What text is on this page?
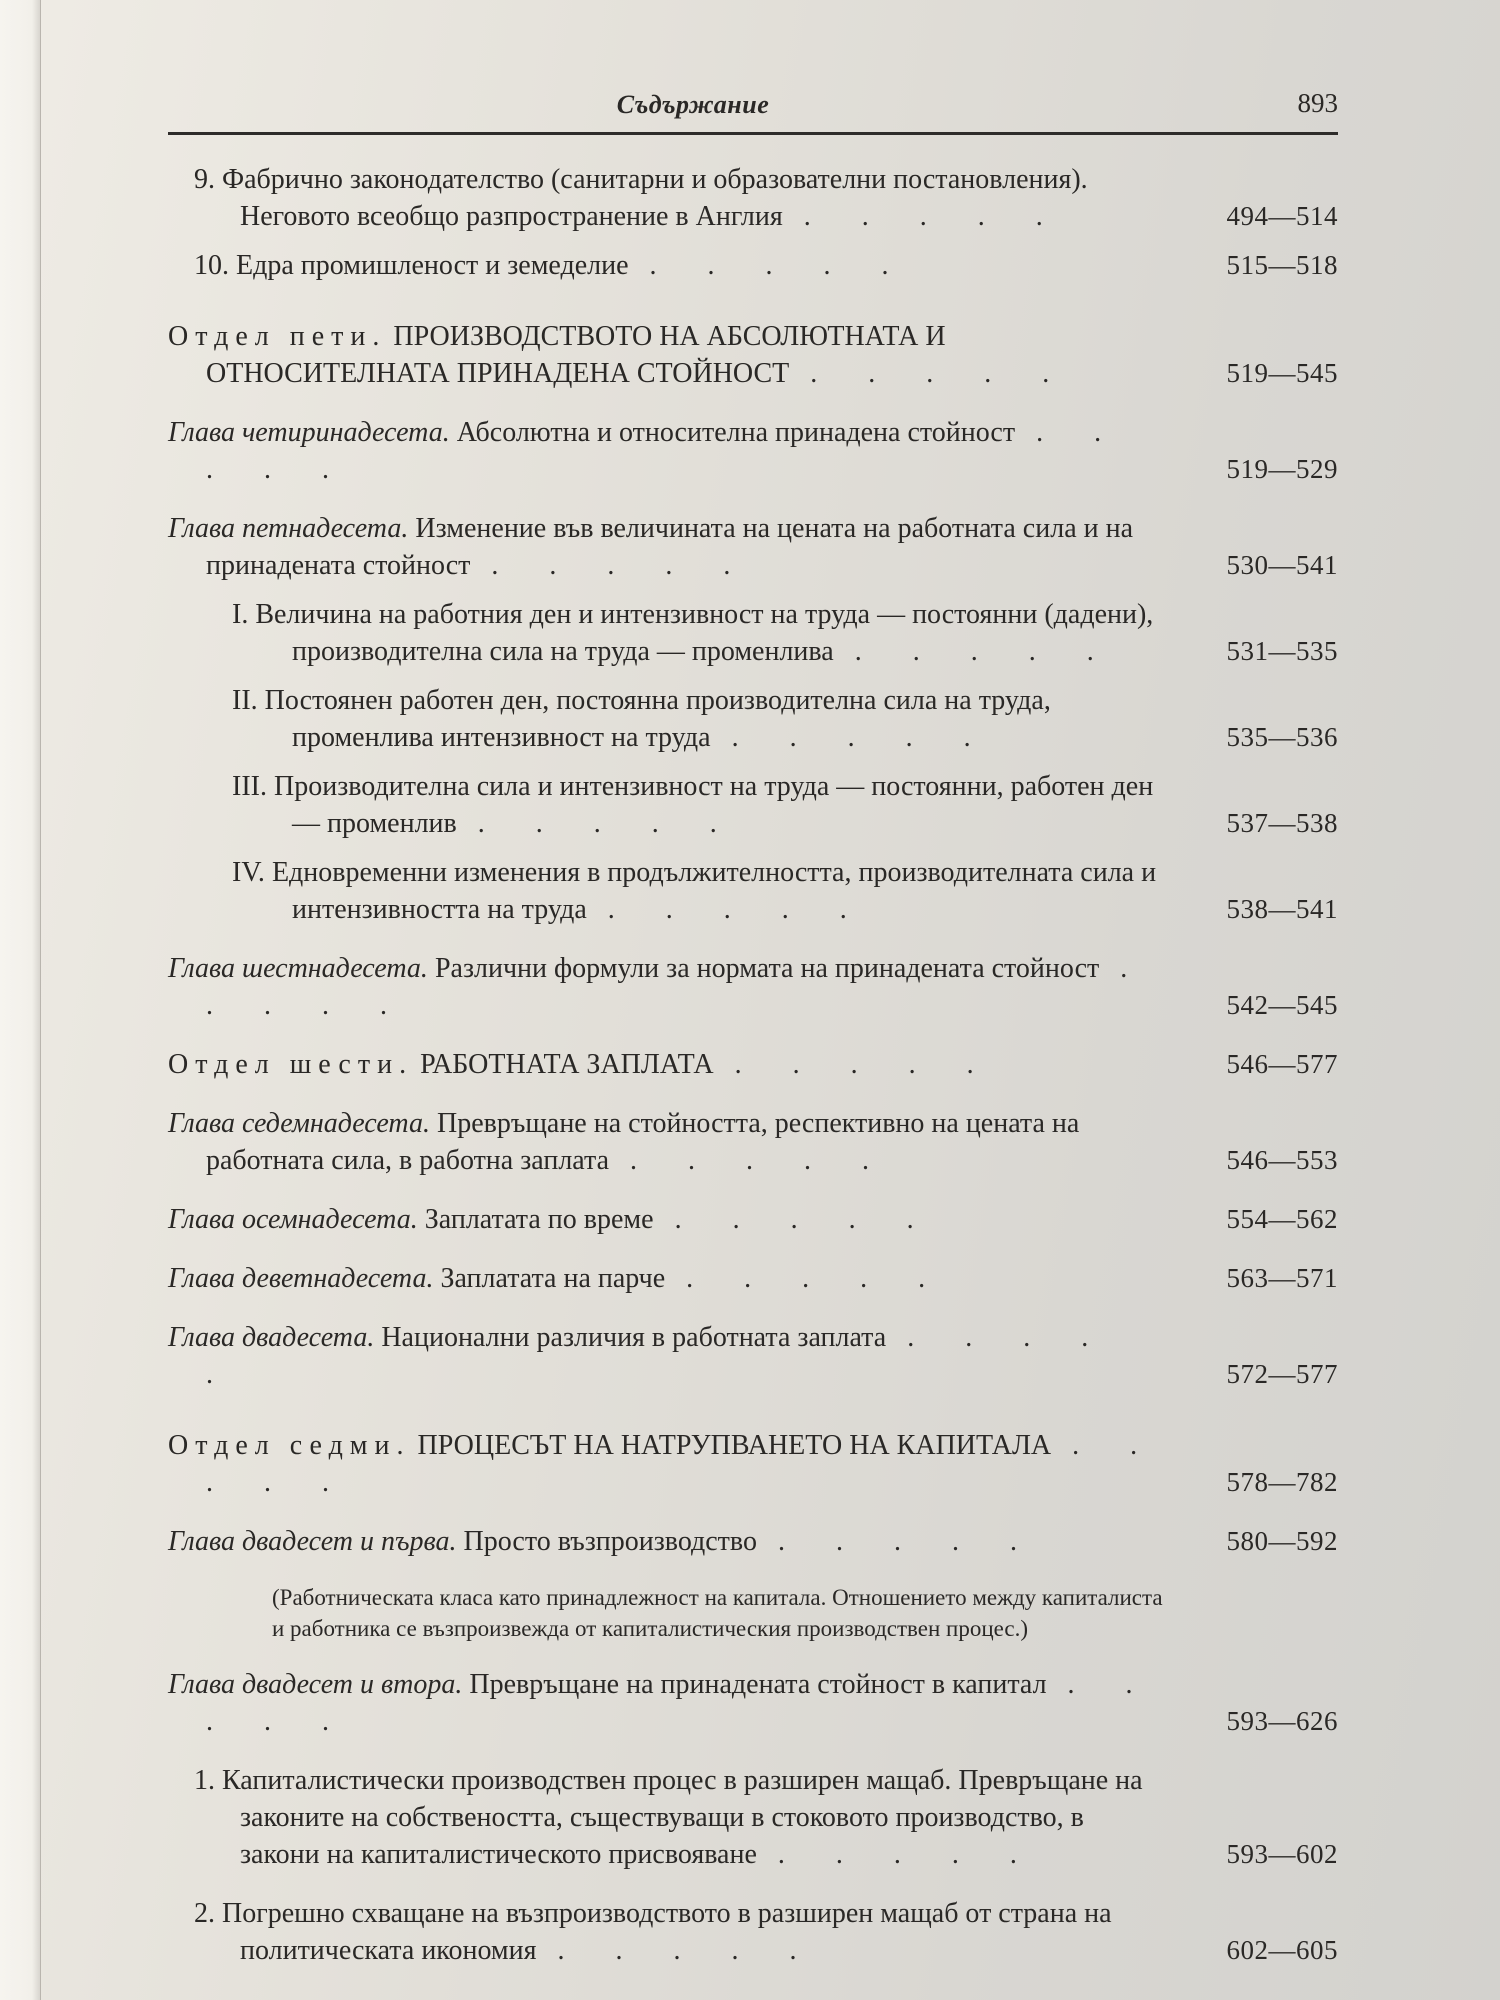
Съдържание	893
9. Фабрично законодателство (санитарни и образователни постановления). Неговото всеобщо разпространение в Англия . . . . .	494—514
10. Едра промишленост и земеделие . . . . .	515—518
Отдел пети. ПРОИЗВОДСТВОТО НА АБСОЛЮТНАТА И ОТНОСИТЕЛНАТА ПРИНАДЕНА СТОЙНОСТ . . . . .	519—545
Глава четиринадесета. Абсолютна и относителна принадена стойност . . . . .	519—529
Глава петнадесета. Изменение във величината на цената на работната сила и на принадената стойност . . . . .	530—541
I. Величина на работния ден и интензивност на труда — постоянни (дадени), производителна сила на труда — променлива . . . . .	531—535
II. Постоянен работен ден, постоянна производителна сила на труда, променлива интензивност на труда . . . . .	535—536
III. Производителна сила и интензивност на труда — постоянни, работен ден — променлив . . . . .	537—538
IV. Едновременни изменения в продължителността, производителната сила и интензивността на труда . . . . .	538—541
Глава шестнадесета. Различни формули за нормата на принадената стойност . . . . .	542—545
Отдел шести. РАБОТНАТА ЗАПЛАТА . . . . .	546—577
Глава седемнадесета. Превръщане на стойността, респективно на цената на работната сила, в работна заплата . . . . .	546—553
Глава осемнадесета. Заплатата по време . . . . .	554—562
Глава деветнадесета. Заплатата на парче . . . . .	563—571
Глава двадесета. Национални различия в работната заплата . . . . .	572—577
Отдел седми. ПРОЦЕСЪТ НА НАТРУПВАНЕТО НА КАПИТАЛА . . . . .	578—782
Глава двадесет и първа. Просто възпроизводство . . . . .	580—592
(Работническата класа като принадлежност на капитала. Отношението между капиталиста и работника се възпроизвежда от капиталистическия производствен процес.)
Глава двадесет и втора. Превръщане на принадената стойност в капитал . . . . .	593—626
1. Капиталистически производствен процес в разширен мащаб. Превръщане на законите на собствеността, съществуващи в стоковото производство, в закони на капиталистическото присвояване . . . . .	593—602
2. Погрешно схващане на възпроизводството в разширен мащаб от страна на политическата икономия . . . . .	602—605
